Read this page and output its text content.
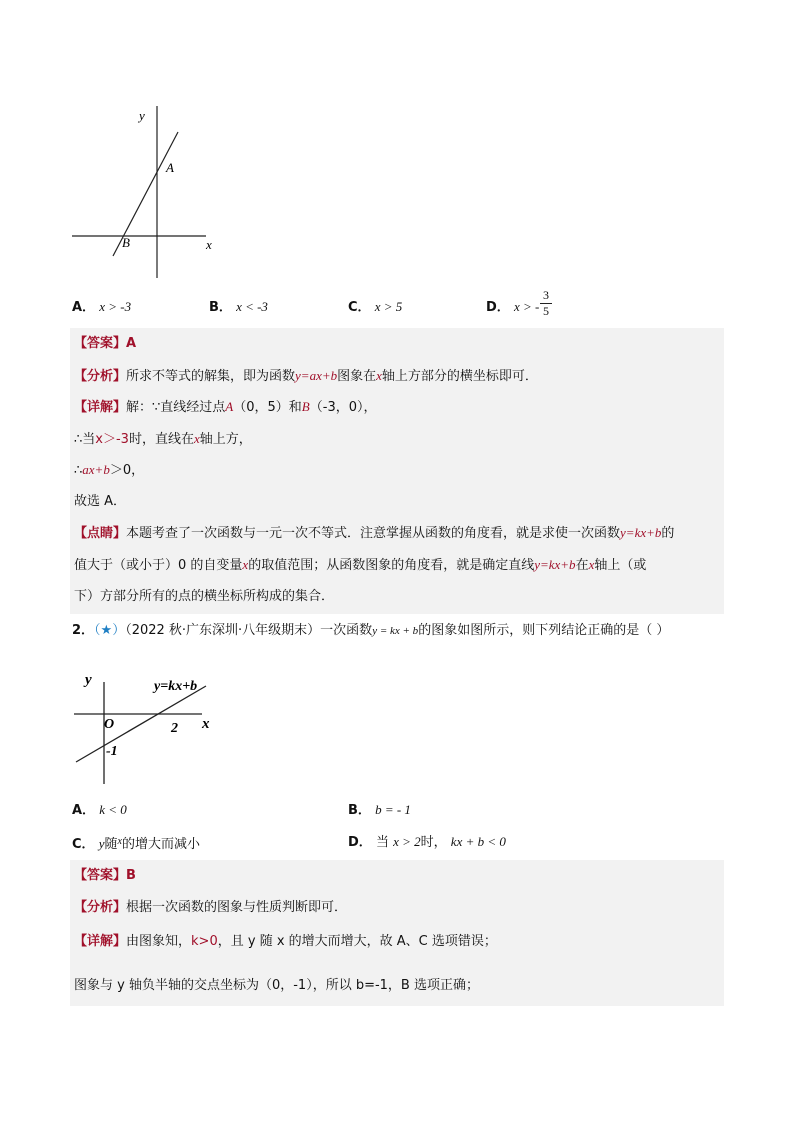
y
x
A
B
A． x > -3	B． x < -3	C． x > 5	D． x > -
3
5
【答案】A
【分析】所求不等式的解集，即为函数y=ax+b图象在x轴上方部分的横坐标即可．
【详解】解：∵直线经过点A（0，5）和B（-3，0），
∴当x＞-3时，直线在x轴上方，
∴ax+b＞0，
故选 A．
【点睛】本题考查了一次函数与一元一次不等式．注意掌握从函数的角度看，就是求使一次函数y=kx+b的
值大于（或小于）0 的自变量x的取值范围；从函数图象的角度看，就是确定直线y=kx+b在x轴上（或
下）方部分所有的点的横坐标所构成的集合．
2．（★）（2022 秋·广东深圳·八年级期末）一次函数y = kx + b的图象如图所示，则下列结论正确的是（ ）
y
x
y=kx+b
O	2
-1
A． k < 0	B． b = - 1
C． y随$^x$的增大而减小	D． 当 x > 2时， kx + b < 0
【答案】B
【分析】根据一次函数的图象与性质判断即可．
【详解】由图象知，k>0，且 y 随 x 的增大而增大，故 A、C 选项错误；
图象与 y 轴负半轴的交点坐标为（0，-1），所以 b=-1，B 选项正确；
